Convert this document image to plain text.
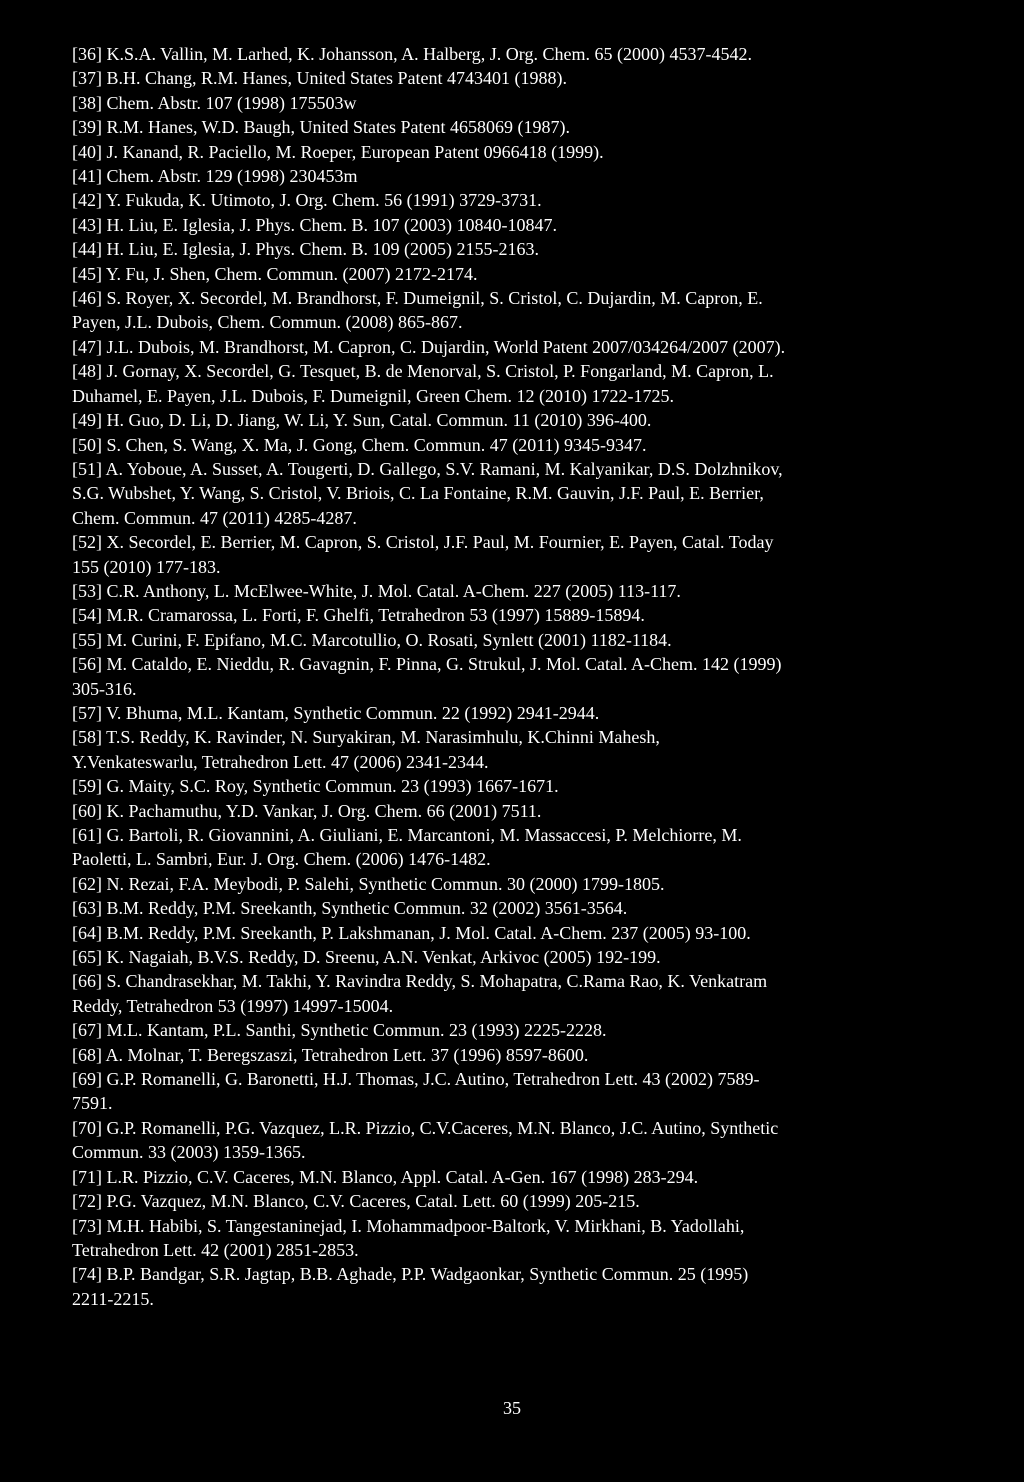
[36] K.S.A. Vallin, M. Larhed, K. Johansson, A. Halberg, J. Org. Chem. 65 (2000) 4537-4542.
[37] B.H. Chang, R.M. Hanes, United States Patent 4743401 (1988).
[38] Chem. Abstr. 107 (1998) 175503w
[39] R.M. Hanes, W.D. Baugh, United States Patent 4658069 (1987).
[40] J. Kanand, R. Paciello, M. Roeper, European Patent 0966418 (1999).
[41] Chem. Abstr. 129 (1998) 230453m
[42] Y. Fukuda, K. Utimoto, J. Org. Chem. 56 (1991) 3729-3731.
[43] H. Liu, E. Iglesia, J. Phys. Chem. B. 107 (2003) 10840-10847.
[44] H. Liu, E. Iglesia, J. Phys. Chem. B. 109 (2005) 2155-2163.
[45] Y. Fu, J. Shen, Chem. Commun. (2007) 2172-2174.
[46] S. Royer, X. Secordel, M. Brandhorst, F. Dumeignil, S. Cristol, C. Dujardin, M. Capron, E.
Payen, J.L. Dubois, Chem. Commun. (2008) 865-867.
[47] J.L. Dubois, M. Brandhorst, M. Capron, C. Dujardin, World Patent 2007/034264/2007 (2007).
[48] J. Gornay, X. Secordel, G. Tesquet, B. de Menorval, S. Cristol, P. Fongarland, M. Capron, L.
Duhamel, E. Payen, J.L. Dubois, F. Dumeignil, Green Chem. 12 (2010) 1722-1725.
[49] H. Guo, D. Li, D. Jiang, W. Li, Y. Sun, Catal. Commun. 11 (2010) 396-400.
[50] S. Chen, S. Wang, X. Ma, J. Gong, Chem. Commun. 47 (2011) 9345-9347.
[51] A. Yoboue, A. Susset, A. Tougerti, D. Gallego, S.V. Ramani, M. Kalyanikar, D.S. Dolzhnikov,
S.G. Wubshet, Y. Wang, S. Cristol, V. Briois, C. La Fontaine, R.M. Gauvin, J.F. Paul, E. Berrier,
Chem. Commun. 47 (2011) 4285-4287.
[52] X. Secordel, E. Berrier, M. Capron, S. Cristol, J.F. Paul, M. Fournier, E. Payen, Catal. Today
155 (2010) 177-183.
[53] C.R. Anthony, L. McElwee-White, J. Mol. Catal. A-Chem. 227 (2005) 113-117.
[54] M.R. Cramarossa, L. Forti, F. Ghelfi, Tetrahedron 53 (1997) 15889-15894.
[55] M. Curini, F. Epifano, M.C. Marcotullio, O. Rosati, Synlett (2001) 1182-1184.
[56] M. Cataldo, E. Nieddu, R. Gavagnin, F. Pinna, G. Strukul, J. Mol. Catal. A-Chem. 142 (1999)
305-316.
[57] V. Bhuma, M.L. Kantam, Synthetic Commun. 22 (1992) 2941-2944.
[58] T.S. Reddy, K. Ravinder, N. Suryakiran, M. Narasimhulu, K.Chinni Mahesh,
Y.Venkateswarlu, Tetrahedron Lett. 47 (2006) 2341-2344.
[59] G. Maity, S.C. Roy, Synthetic Commun. 23 (1993) 1667-1671.
[60] K. Pachamuthu, Y.D. Vankar, J. Org. Chem. 66 (2001) 7511.
[61] G. Bartoli, R. Giovannini, A. Giuliani, E. Marcantoni, M. Massaccesi, P. Melchiorre, M.
Paoletti, L. Sambri, Eur. J. Org. Chem. (2006) 1476-1482.
[62] N. Rezai, F.A. Meybodi, P. Salehi, Synthetic Commun. 30 (2000) 1799-1805.
[63] B.M. Reddy, P.M. Sreekanth, Synthetic Commun. 32 (2002) 3561-3564.
[64] B.M. Reddy, P.M. Sreekanth, P. Lakshmanan, J. Mol. Catal. A-Chem. 237 (2005) 93-100.
[65] K. Nagaiah, B.V.S. Reddy, D. Sreenu, A.N. Venkat, Arkivoc (2005) 192-199.
[66] S. Chandrasekhar, M. Takhi, Y. Ravindra Reddy, S. Mohapatra, C.Rama Rao, K. Venkatram
Reddy, Tetrahedron 53 (1997) 14997-15004.
[67] M.L. Kantam, P.L. Santhi, Synthetic Commun. 23 (1993) 2225-2228.
[68] A. Molnar, T. Beregszaszi, Tetrahedron Lett. 37 (1996) 8597-8600.
[69] G.P. Romanelli, G. Baronetti, H.J. Thomas, J.C. Autino, Tetrahedron Lett. 43 (2002) 7589-
7591.
[70] G.P. Romanelli, P.G. Vazquez, L.R. Pizzio, C.V.Caceres, M.N. Blanco, J.C. Autino, Synthetic
Commun. 33 (2003) 1359-1365.
[71] L.R. Pizzio, C.V. Caceres, M.N. Blanco, Appl. Catal. A-Gen. 167 (1998) 283-294.
[72] P.G. Vazquez, M.N. Blanco, C.V. Caceres, Catal. Lett. 60 (1999) 205-215.
[73] M.H. Habibi, S. Tangestaninejad, I. Mohammadpoor-Baltork, V. Mirkhani, B. Yadollahi,
Tetrahedron Lett. 42 (2001) 2851-2853.
[74] B.P. Bandgar, S.R. Jagtap, B.B. Aghade, P.P. Wadgaonkar, Synthetic Commun. 25 (1995)
2211-2215.
35
